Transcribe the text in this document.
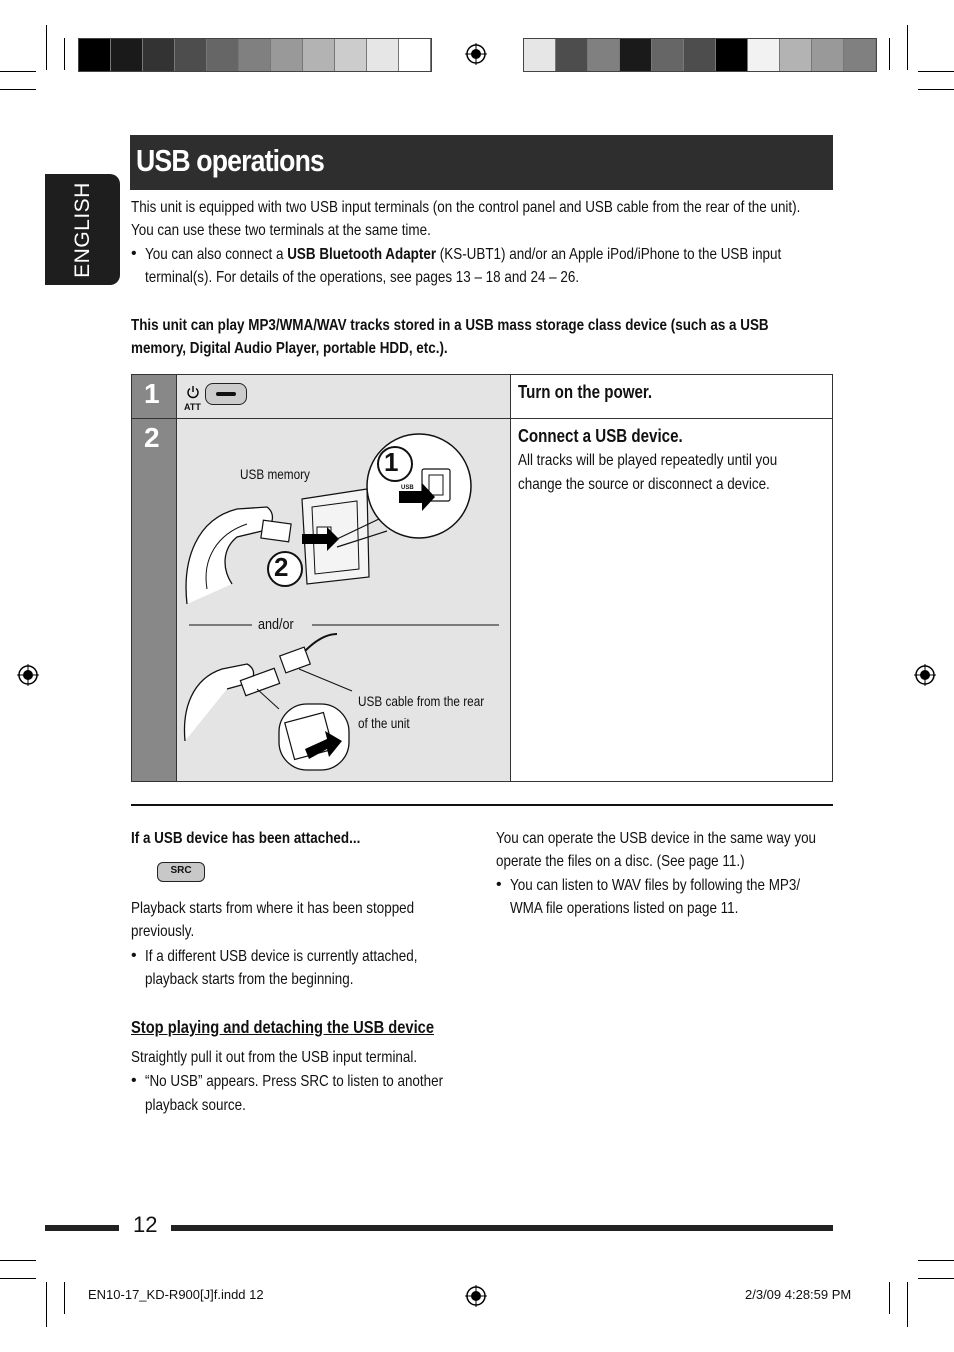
ENGLISH
USB operations
This unit is equipped with two USB input terminals (on the control panel and USB cable from the rear of the unit).
You can use these two terminals at the same time.
• You can also connect a USB Bluetooth Adapter (KS-UBT1) and/or an Apple iPod/iPhone to the USB input
terminal(s). For details of the operations, see pages 13 – 18 and 24 – 26.
This unit can play MP3/WMA/WAV tracks stored in a USB mass storage class device (such as a USB
memory, Digital Audio Player, portable HDD, etc.).
1
2
ATT
Turn on the power.
Connect a USB device.
All tracks will be played repeatedly until you
change the source or disconnect a device.
1
2
USB
USB memory
and/or
USB cable from the rear
of the unit
If a USB device has been attached...
SRC
Playback starts from where it has been stopped
previously.
• If a different USB device is currently attached,
playback starts from the beginning.
Stop playing and detaching the USB device
Straightly pull it out from the USB input terminal.
• “No USB” appears. Press SRC to listen to another
playback source.
You can operate the USB device in the same way you
operate the files on a disc. (See page 11.)
• You can listen to WAV files by following the MP3/
WMA file operations listed on page 11.
12
EN10-17_KD-R900[J]f.indd 12	2/3/09 4:28:59 PM
